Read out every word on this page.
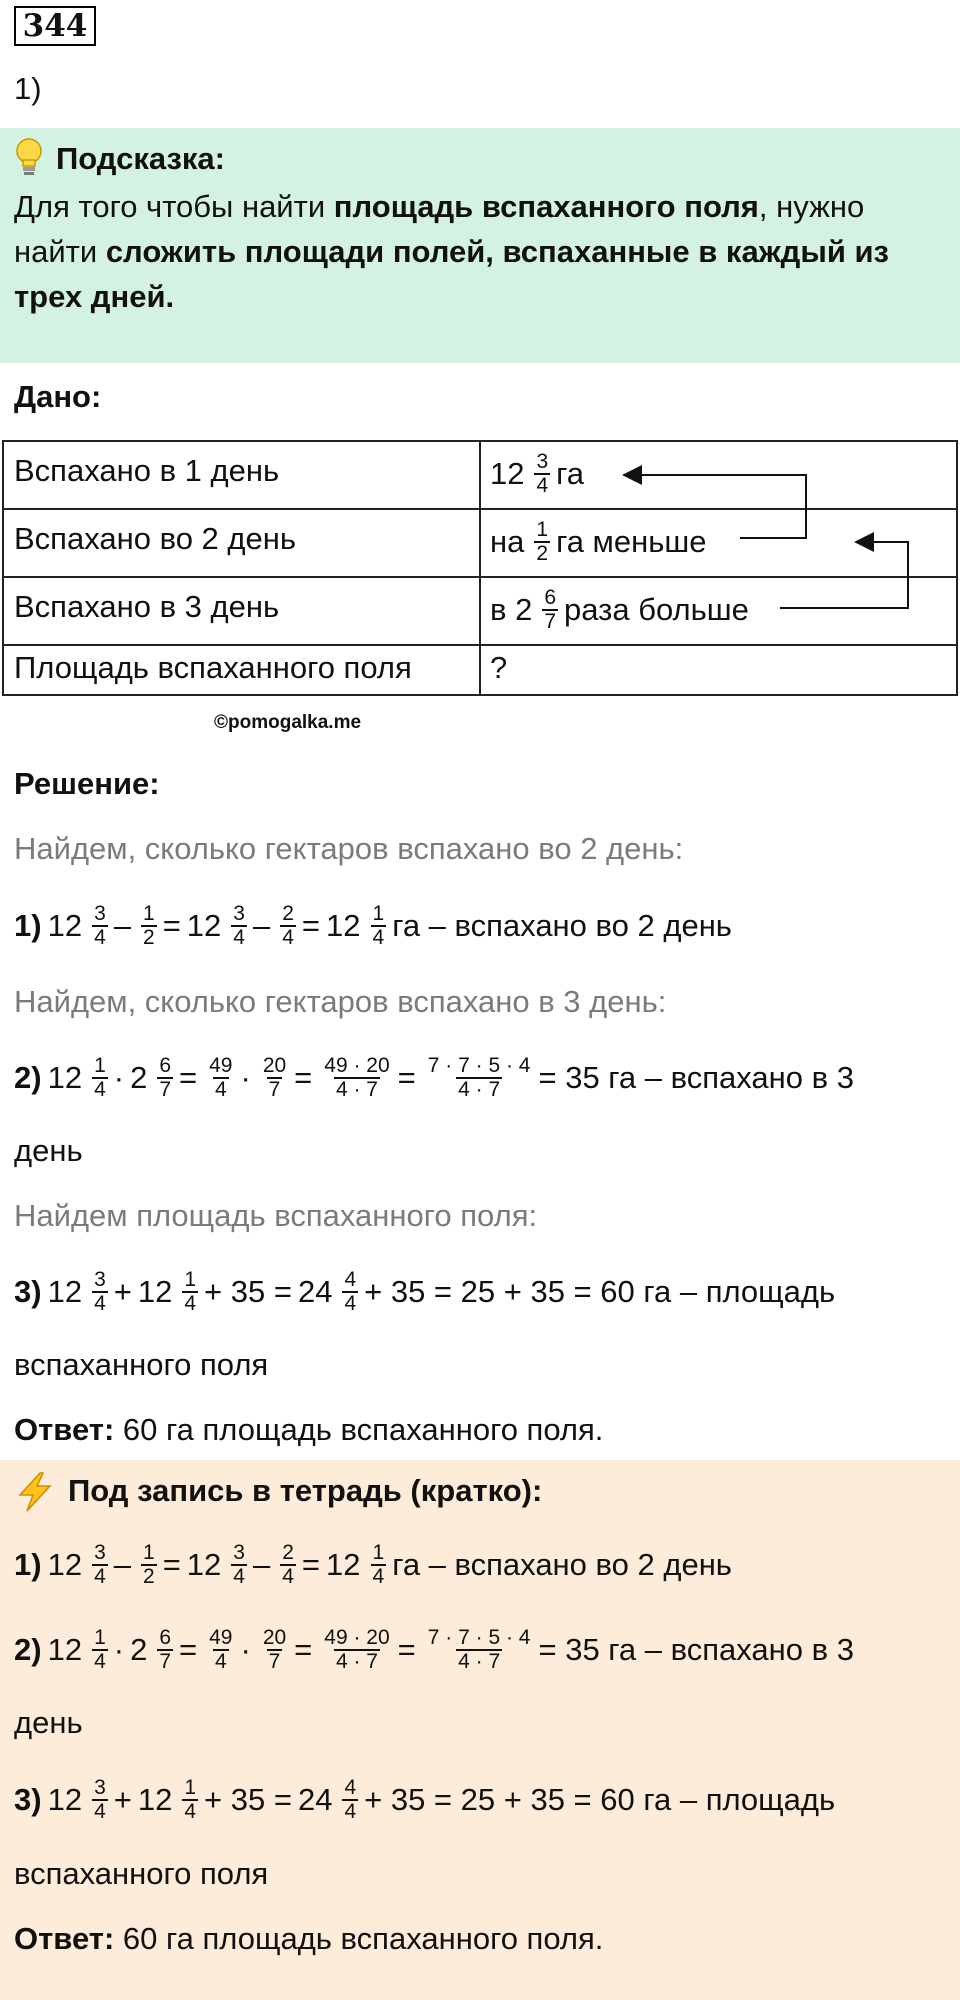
344
1)
Подсказка:
Для того чтобы найти площадь вспаханного поля, нужно
найти сложить площади полей, вспаханные в каждый из
трех дней.
Дано:
Вспахано в 1 день	12 3
4 га
Вспахано во 2 день	на 1
2 га меньше
Вспахано в 3 день	в 2 6
7 раза больше
Площадь вспаханного поля	?
©pomogalka.me
Решение:
Найдем, сколько гектаров вспахано во 2 день:
1) 12 3
$4 - \frac{1}{2} = 12$ 3
$4 - \frac{2}{4} = 12$ 1
4 га – вспахано во 2 день
Найдем, сколько гектаров вспахано в 3 день:
2) 12 1
$4 \cdot 2 \frac{6}{7} = \frac{49}{4} \cdot \frac{20}{7} = \frac{49 \cdot 20}{4 \cdot 7} = \frac{7 \cdot 7 \cdot 5 \cdot 4}{4 \cdot 7} = 35$ га – вспахано в 3
день
Найдем площадь вспаханного поля:
3) 12 3
4 + 12 1
4 + 35 = 24 4
4 + 35 = 25 + 35 = 60 га – площадь
вспаханного поля
Ответ: 60 га площадь вспаханного поля.
Под запись в тетрадь (кратко):
1) 12 3
$4 - \frac{1}{2} = 12$ 3
$4 - \frac{2}{4} = 12$ 1
4 га – вспахано во 2 день
2) 12 1
$4 \cdot 2 \frac{6}{7} = \frac{49}{4} \cdot \frac{20}{7} = \frac{49 \cdot 20}{4 \cdot 7} = \frac{7 \cdot 7 \cdot 5 \cdot 4}{4 \cdot 7} = 35$ га – вспахано в 3
день
3) 12 3
4 + 12 1
4 + 35 = 24 4
4 + 35 = 25 + 35 = 60 га – площадь
вспаханного поля
Ответ: 60 га площадь вспаханного поля.
